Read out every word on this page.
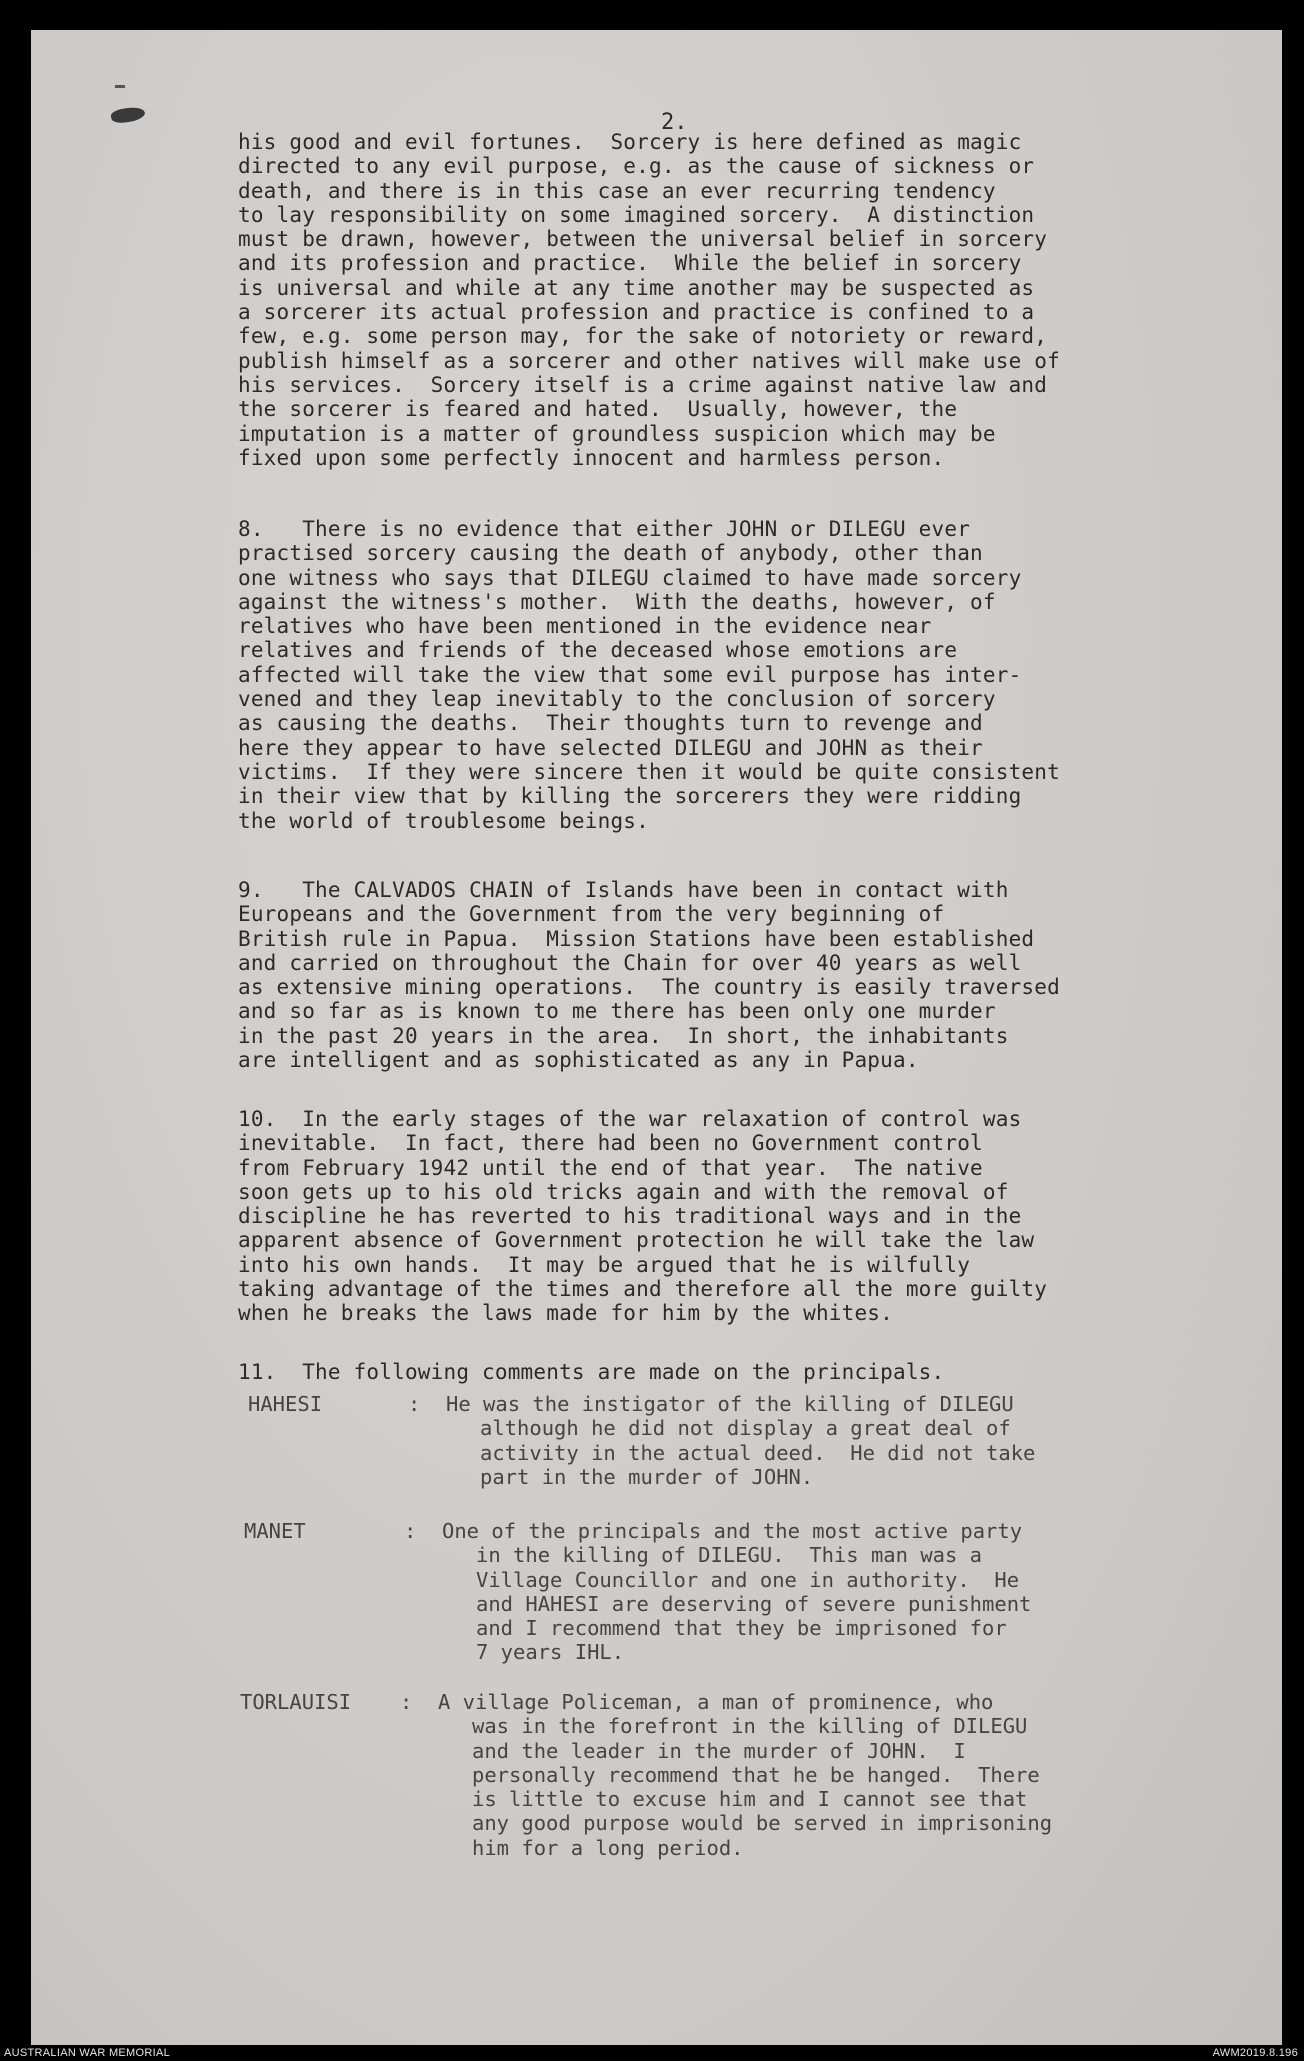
2.
his good and evil fortunes.  Sorcery is here defined as magic
directed to any evil purpose, e.g. as the cause of sickness or
death, and there is in this case an ever recurring tendency
to lay responsibility on some imagined sorcery.  A distinction
must be drawn, however, between the universal belief in sorcery
and its profession and practice.  While the belief in sorcery
is universal and while at any time another may be suspected as
a sorcerer its actual profession and practice is confined to a
few, e.g. some person may, for the sake of notoriety or reward,
publish himself as a sorcerer and other natives will make use of
his services.  Sorcery itself is a crime against native law and
the sorcerer is feared and hated.  Usually, however, the
imputation is a matter of groundless suspicion which may be
fixed upon some perfectly innocent and harmless person.
8.   There is no evidence that either JOHN or DILEGU ever
practised sorcery causing the death of anybody, other than
one witness who says that DILEGU claimed to have made sorcery
against the witness's mother.  With the deaths, however, of
relatives who have been mentioned in the evidence near
relatives and friends of the deceased whose emotions are
affected will take the view that some evil purpose has inter-
vened and they leap inevitably to the conclusion of sorcery
as causing the deaths.  Their thoughts turn to revenge and
here they appear to have selected DILEGU and JOHN as their
victims.  If they were sincere then it would be quite consistent
in their view that by killing the sorcerers they were ridding
the world of troublesome beings.
9.   The CALVADOS CHAIN of Islands have been in contact with
Europeans and the Government from the very beginning of
British rule in Papua.  Mission Stations have been established
and carried on throughout the Chain for over 40 years as well
as extensive mining operations.  The country is easily traversed
and so far as is known to me there has been only one murder
in the past 20 years in the area.  In short, the inhabitants
are intelligent and as sophisticated as any in Papua.
10.  In the early stages of the war relaxation of control was
inevitable.  In fact, there had been no Government control
from February 1942 until the end of that year.  The native
soon gets up to his old tricks again and with the removal of
discipline he has reverted to his traditional ways and in the
apparent absence of Government protection he will take the law
into his own hands.  It may be argued that he is wilfully
taking advantage of the times and therefore all the more guilty
when he breaks the laws made for him by the whites.
11.  The following comments are made on the principals.
HAHESI	: He was the instigator of the killing of DILEGU
although he did not display a great deal of
activity in the actual deed.  He did not take
part in the murder of JOHN.
MANET	: One of the principals and the most active party
in the killing of DILEGU.  This man was a
Village Councillor and one in authority.  He
and HAHESI are deserving of severe punishment
and I recommend that they be imprisoned for
7 years IHL.
TORLAUISI : A village Policeman, a man of prominence, who
was in the forefront in the killing of DILEGU
and the leader in the murder of JOHN.  I
personally recommend that he be hanged.  There
is little to excuse him and I cannot see that
any good purpose would be served in imprisoning
him for a long period.
AUSTRALIAN WAR MEMORIAL	AWM2019.8.196
